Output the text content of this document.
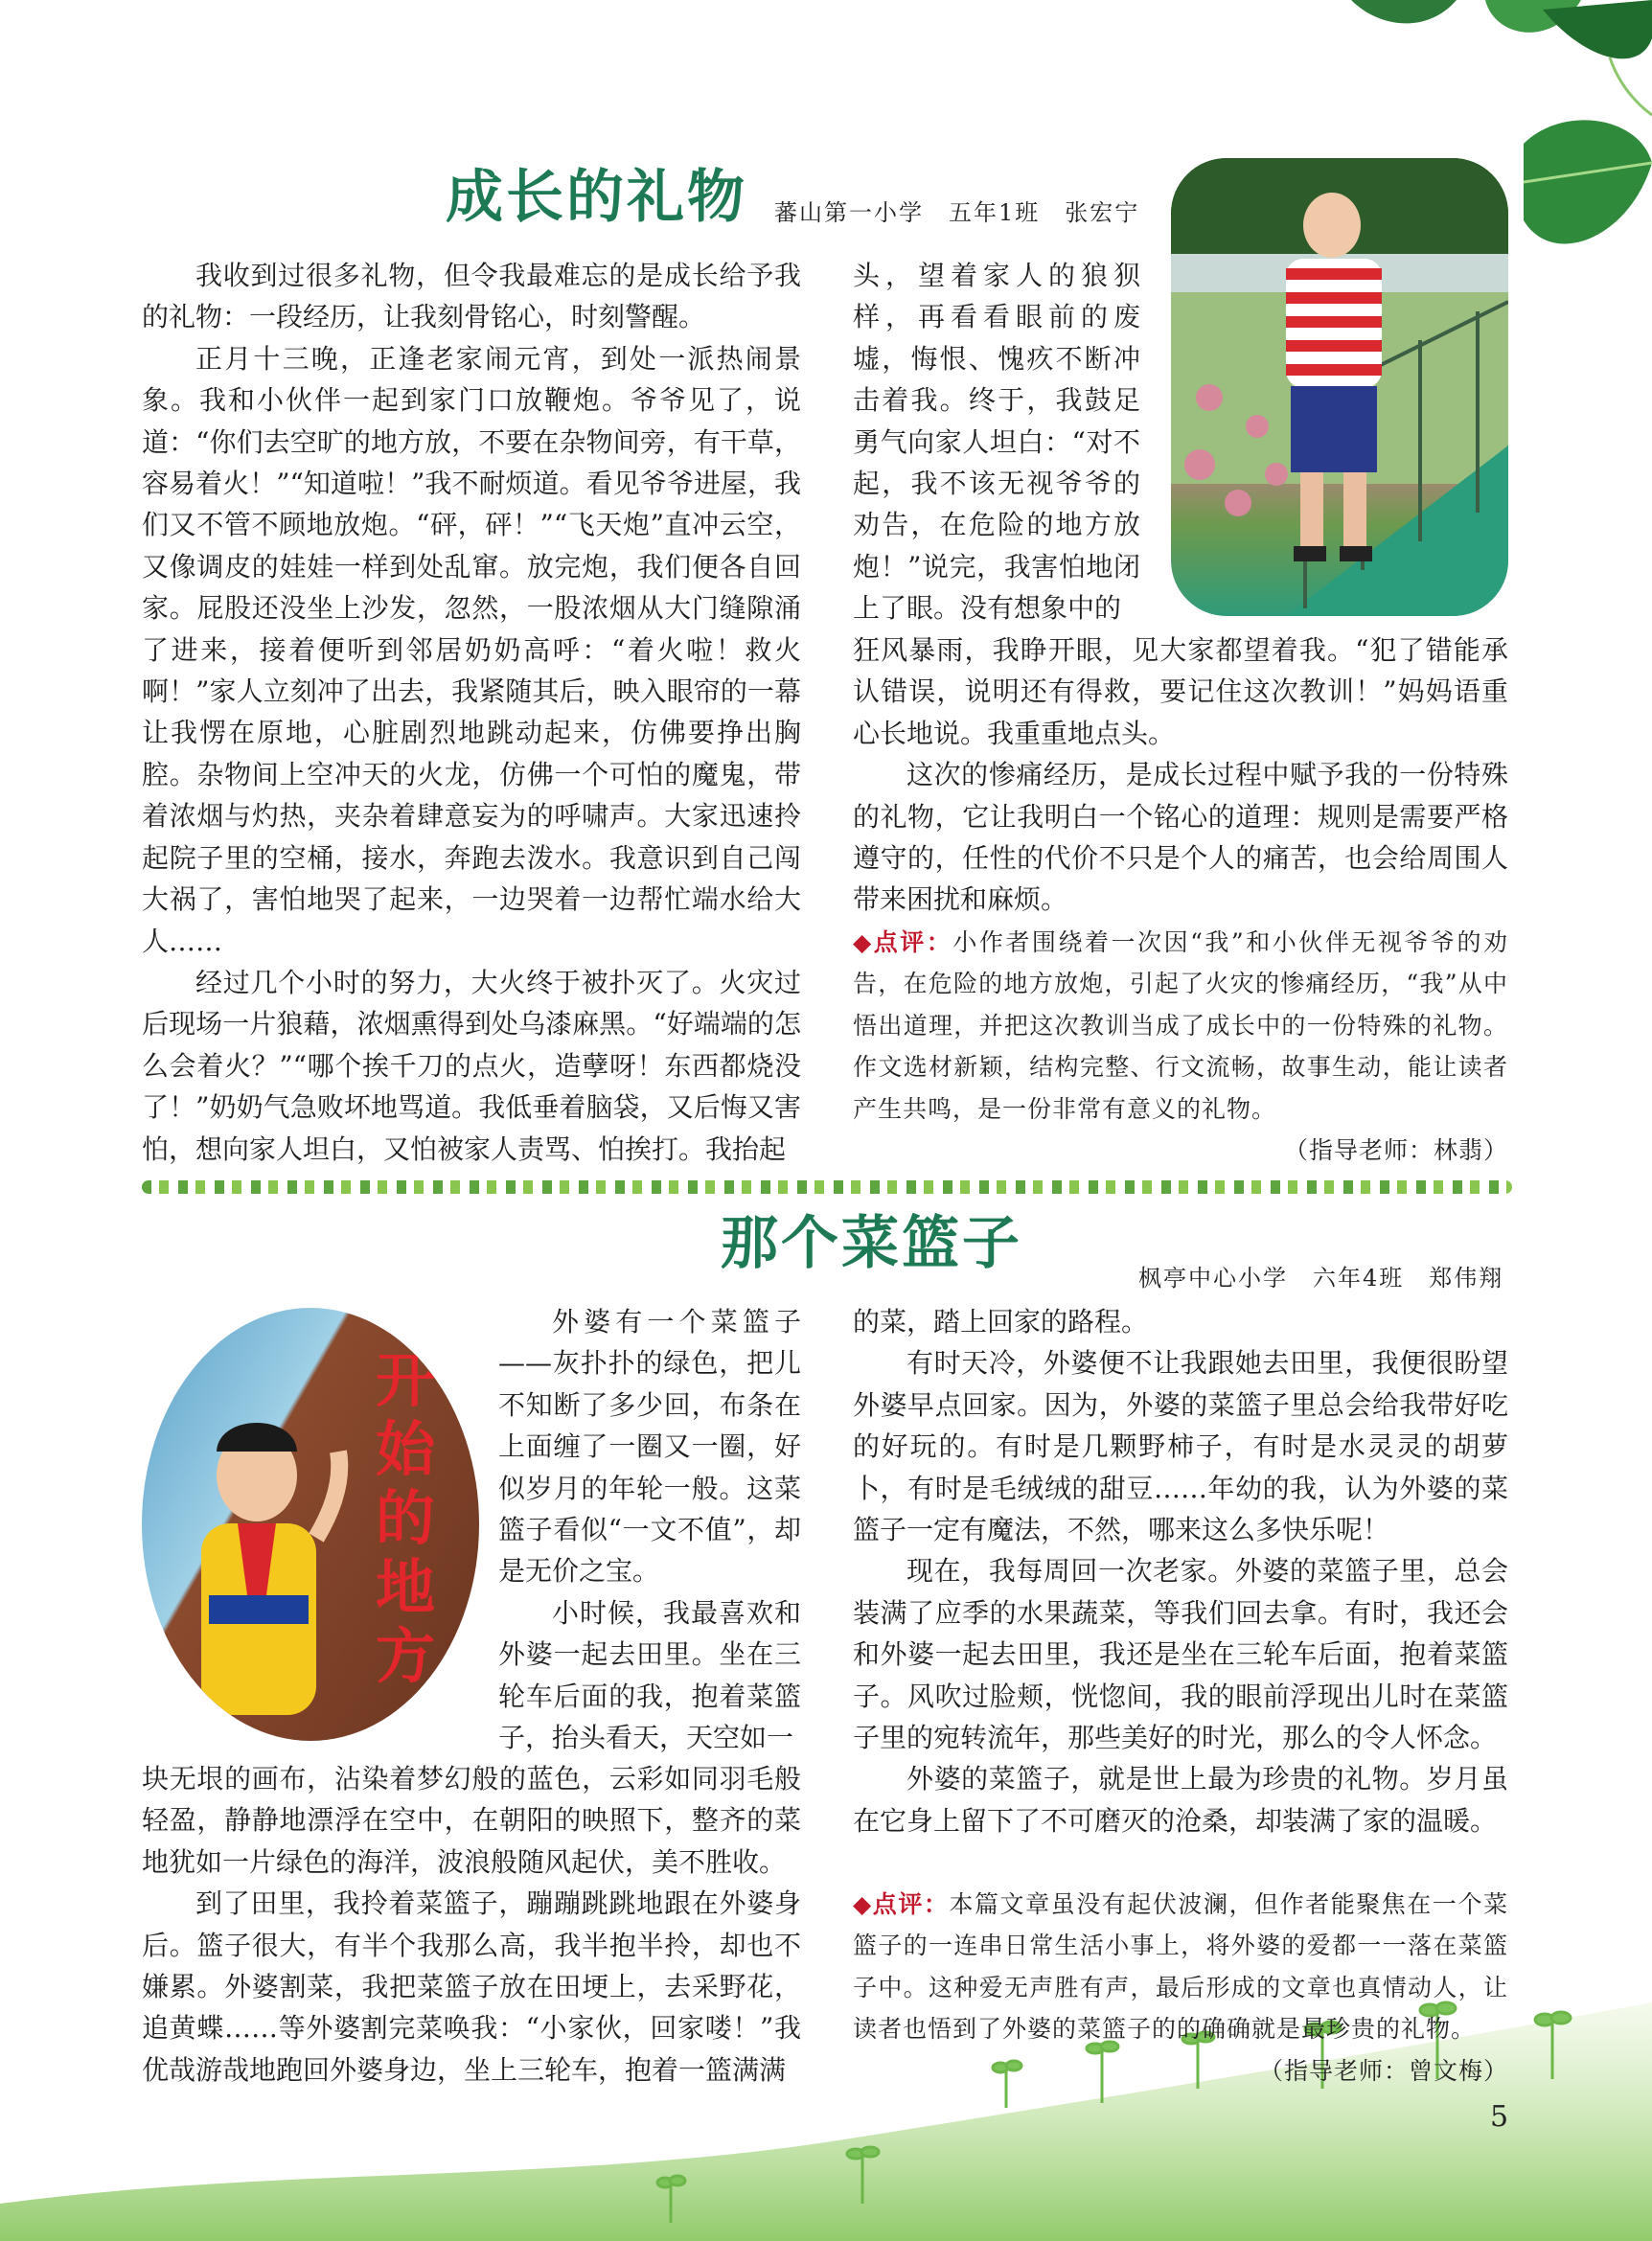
成长的礼物 蕃山第一小学　五年1班　张宏宁

我收到过很多礼物，但令我最难忘的是成长给予我的礼物：一段经历，让我刻骨铭心，时刻警醒。

正月十三晚，正逢老家闹元宵，到处一派热闹景象。我和小伙伴一起到家门口放鞭炮。爷爷见了，说道：“你们去空旷的地方放，不要在杂物间旁，有干草，容易着火！”“知道啦！”我不耐烦道。看见爷爷进屋，我们又不管不顾地放炮。“砰，砰！”“飞天炮”直冲云空，又像调皮的娃娃一样到处乱窜。放完炮，我们便各自回家。屁股还没坐上沙发，忽然，一股浓烟从大门缝隙涌了进来，接着便听到邻居奶奶高呼：“着火啦！救火啊！”家人立刻冲了出去，我紧随其后，映入眼帘的一幕让我愣在原地，心脏剧烈地跳动起来，仿佛要挣出胸腔。杂物间上空冲天的火龙，仿佛一个可怕的魔鬼，带着浓烟与灼热，夹杂着肆意妄为的呼啸声。大家迅速拎起院子里的空桶，接水，奔跑去泼水。我意识到自己闯大祸了，害怕地哭了起来，一边哭着一边帮忙端水给大人……

经过几个小时的努力，大火终于被扑灭了。火灾过后现场一片狼藉，浓烟熏得到处乌漆麻黑。“好端端的怎么会着火？”“哪个挨千刀的点火，造孽呀！东西都烧没了！”奶奶气急败坏地骂道。我低垂着脑袋，又后悔又害怕，想向家人坦白，又怕被家人责骂、怕挨打。我抬起

头，望着家人的狼狈样，再看看眼前的废墟，悔恨、愧疚不断冲击着我。终于，我鼓足勇气向家人坦白：“对不起，我不该无视爷爷的劝告，在危险的地方放炮！”说完，我害怕地闭上了眼。没有想象中的

狂风暴雨，我睁开眼，见大家都望着我。“犯了错能承认错误，说明还有得救，要记住这次教训！”妈妈语重心长地说。我重重地点头。

这次的惨痛经历，是成长过程中赋予我的一份特殊的礼物，它让我明白一个铭心的道理：规则是需要严格遵守的，任性的代价不只是个人的痛苦，也会给周围人带来困扰和麻烦。

◆点评：小作者围绕着一次因“我”和小伙伴无视爷爷的劝告，在危险的地方放炮，引起了火灾的惨痛经历，“我”从中悟出道理，并把这次教训当成了成长中的一份特殊的礼物。作文选材新颖，结构完整、行文流畅，故事生动，能让读者产生共鸣，是一份非常有意义的礼物。

（指导老师：林翡）

那个菜篮子
枫亭中心小学　六年4班　郑伟翔
开
始
的
地
方

外婆有一个菜篮子——灰扑扑的绿色，把儿不知断了多少回，布条在上面缠了一圈又一圈，好似岁月的年轮一般。这菜篮子看似“一文不值”，却是无价之宝。

小时候，我最喜欢和外婆一起去田里。坐在三轮车后面的我，抱着菜篮子，抬头看天，天空如一

块无垠的画布，沾染着梦幻般的蓝色，云彩如同羽毛般轻盈，静静地漂浮在空中，在朝阳的映照下，整齐的菜地犹如一片绿色的海洋，波浪般随风起伏，美不胜收。

到了田里，我拎着菜篮子，蹦蹦跳跳地跟在外婆身后。篮子很大，有半个我那么高，我半抱半拎，却也不嫌累。外婆割菜，我把菜篮子放在田埂上，去采野花，追黄蝶……等外婆割完菜唤我：“小家伙，回家喽！”我优哉游哉地跑回外婆身边，坐上三轮车，抱着一篮满满

的菜，踏上回家的路程。

有时天冷，外婆便不让我跟她去田里，我便很盼望外婆早点回家。因为，外婆的菜篮子里总会给我带好吃的好玩的。有时是几颗野柿子，有时是水灵灵的胡萝卜，有时是毛绒绒的甜豆……年幼的我，认为外婆的菜篮子一定有魔法，不然，哪来这么多快乐呢！

现在，我每周回一次老家。外婆的菜篮子里，总会装满了应季的水果蔬菜，等我们回去拿。有时，我还会和外婆一起去田里，我还是坐在三轮车后面，抱着菜篮子。风吹过脸颊，恍惚间，我的眼前浮现出儿时在菜篮子里的宛转流年，那些美好的时光，那么的令人怀念。

外婆的菜篮子，就是世上最为珍贵的礼物。岁月虽在它身上留下了不可磨灭的沧桑，却装满了家的温暖。

◆点评：本篇文章虽没有起伏波澜，但作者能聚焦在一个菜篮子的一连串日常生活小事上，将外婆的爱都一一落在菜篮子中。这种爱无声胜有声，最后形成的文章也真情动人，让读者也悟到了外婆的菜篮子的的确确就是最珍贵的礼物。

（指导老师：曾文梅）

5
